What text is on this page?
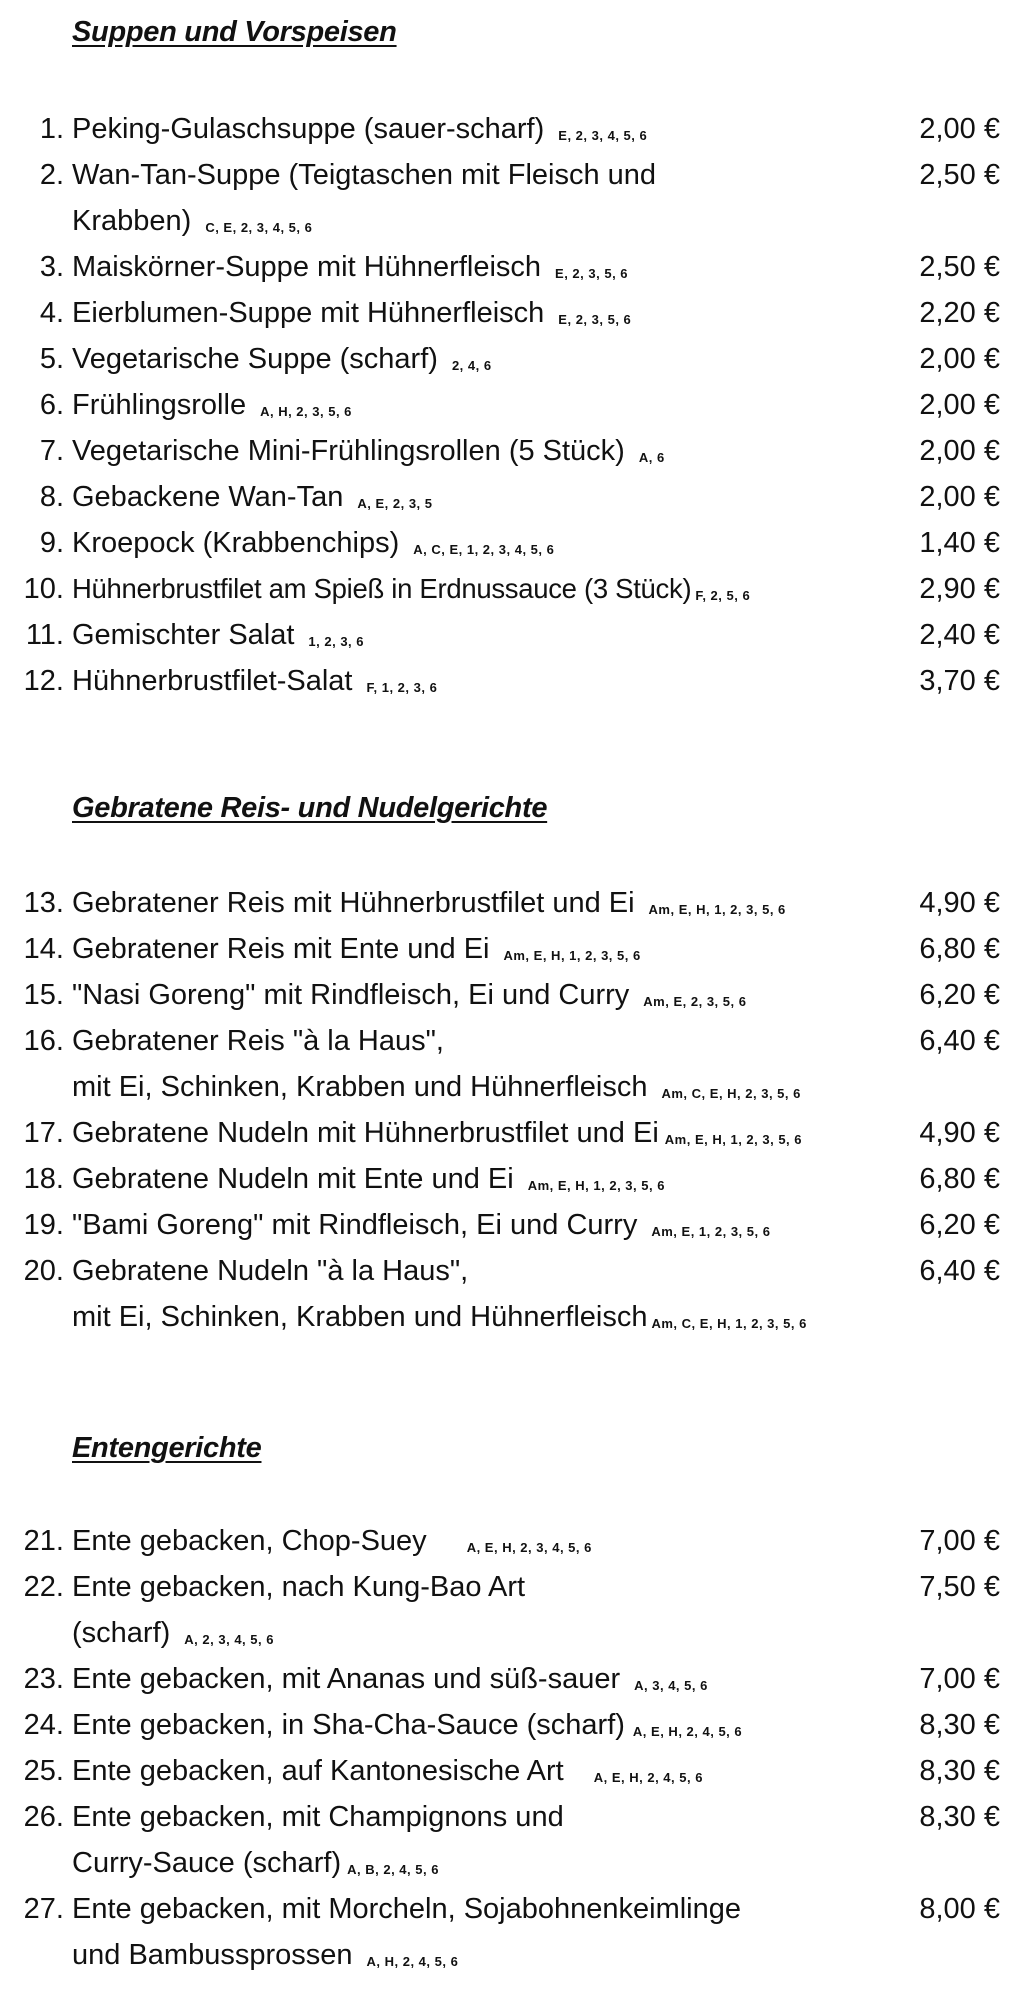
Suppen und Vorspeisen
1. Peking-Gulaschsuppe (sauer-scharf) E, 2, 3, 4, 5, 6	2,00 €
2. Wan-Tan-Suppe (Teigtaschen mit Fleisch und
Krabben) C, E, 2, 3, 4, 5, 6
2,50 €
3. Maiskörner-Suppe mit Hühnerfleisch E, 2, 3, 5, 6	2,50 €
4. Eierblumen-Suppe mit Hühnerfleisch E, 2, 3, 5, 6	2,20 €
5. Vegetarische Suppe (scharf) 2, 4, 6	2,00 €
6. Frühlingsrolle A, H, 2, 3, 5, 6	2,00 €
7. Vegetarische Mini-Frühlingsrollen (5 Stück) A, 6	2,00 €
8. Gebackene Wan-Tan A, E, 2, 3, 5	2,00 €
9. Kroepock (Krabbenchips) A, C, E, 1, 2, 3, 4, 5, 6	1,40 €
10. Hühnerbrustfilet am Spieß in Erdnussauce (3 Stück) F, 2, 5, 6	2,90 €
11. Gemischter Salat 1, 2, 3, 6	2,40 €
12. Hühnerbrustfilet-Salat F, 1, 2, 3, 6	3,70 €
Gebratene Reis- und Nudelgerichte
13. Gebratener Reis mit Hühnerbrustfilet und Ei Am, E, H, 1, 2, 3, 5, 6	4,90 €
14. Gebratener Reis mit Ente und Ei Am, E, H, 1, 2, 3, 5, 6	6,80 €
15. "Nasi Goreng" mit Rindfleisch, Ei und Curry Am, E, 2, 3, 5, 6	6,20 €
16. Gebratener Reis "à la Haus",
mit Ei, Schinken, Krabben und Hühnerfleisch Am, C, E, H, 2, 3, 5, 6
6,40 €
17. Gebratene Nudeln mit Hühnerbrustfilet und Ei Am, E, H, 1, 2, 3, 5, 6	4,90 €
18. Gebratene Nudeln mit Ente und Ei Am, E, H, 1, 2, 3, 5, 6	6,80 €
19. "Bami Goreng" mit Rindfleisch, Ei und Curry Am, E, 1, 2, 3, 5, 6	6,20 €
20. Gebratene Nudeln "à la Haus",
mit Ei, Schinken, Krabben und Hühnerfleisch Am, C, E, H, 1, 2, 3, 5, 6
6,40 €
Entengerichte
21. Ente gebacken, Chop-Suey	A, E, H, 2, 3, 4, 5, 6	7,00 €
22. Ente gebacken, nach Kung-Bao Art
(scharf) A, 2, 3, 4, 5, 6
7,50 €
23. Ente gebacken, mit Ananas und süß-sauer A, 3, 4, 5, 6	7,00 €
24. Ente gebacken, in Sha-Cha-Sauce (scharf) A, E, H, 2, 4, 5, 6	8,30 €
25. Ente gebacken, auf Kantonesische Art A, E, H, 2, 4, 5, 6	8,30 €
26. Ente gebacken, mit Champignons und
Curry-Sauce (scharf) A, B, 2, 4, 5, 6
8,30 €
27. Ente gebacken, mit Morcheln, Sojabohnenkeimlinge
und Bambussprossen A, H, 2, 4, 5, 6
8,00 €
